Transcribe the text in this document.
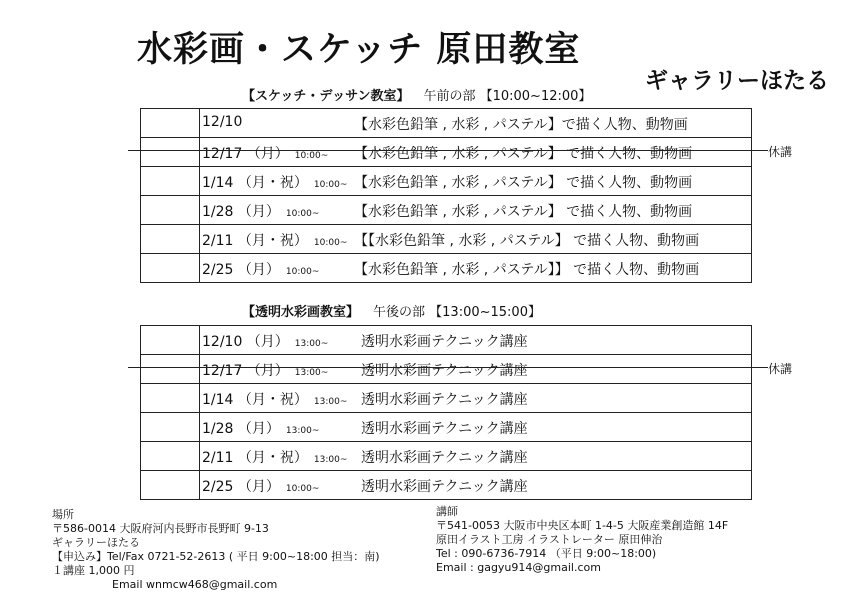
水彩画・スケッチ 原田教室
ギャラリーほたる
【スケッチ・デッサン教室】 午前の部 【10:00~12:00】
12/10	【水彩色鉛筆 , 水彩 , パステル】で描く人物、動物画
12/17 （月） 10:00~ 【水彩色鉛筆 , 水彩 , パステル】 で描く人物、動物画
1/14 （月・祝） 10:00~ 【水彩色鉛筆 , 水彩 , パステル】 で描く人物、動物画
1/28 （月） 10:00~ 【水彩色鉛筆 , 水彩 , パステル】 で描く人物、動物画
2/11 （月・祝） 10:00~ 【【水彩色鉛筆 , 水彩 , パステル】 で描く人物、動物画
2/25 （月） 10:00~ 【水彩色鉛筆 , 水彩 , パステル】】 で描く人物、動物画
休講
【透明水彩画教室】 午後の部 【13:00~15:00】
12/10 （月） 13:00~ 透明水彩画テクニック講座
12/17 （月） 13:00~ 透明水彩画テクニック講座
1/14 （月・祝） 13:00~ 透明水彩画テクニック講座
1/28 （月） 13:00~	透明水彩画テクニック講座
2/11 （月・祝） 13:00~ 透明水彩画テクニック講座
2/25 （月） 10:00~	透明水彩画テクニック講座
休講
場所
〒586-0014 大阪府河内長野市長野町 9-13
ギャラリーほたる
【申込み】Tel/Fax 0721-52-2613 ( 平日 9:00~18:00 担当：南)
１講座 1,000 円
Email wnmcw468@gmail.com
講師
〒541-0053 大阪市中央区本町 1-4-5 大阪産業創造館 14F
原田イラスト工房 イラストレーター 原田伸治
Tel : 090-6736-7914 （平日 9:00~18:00)
Email : gagyu914@gmail.com
